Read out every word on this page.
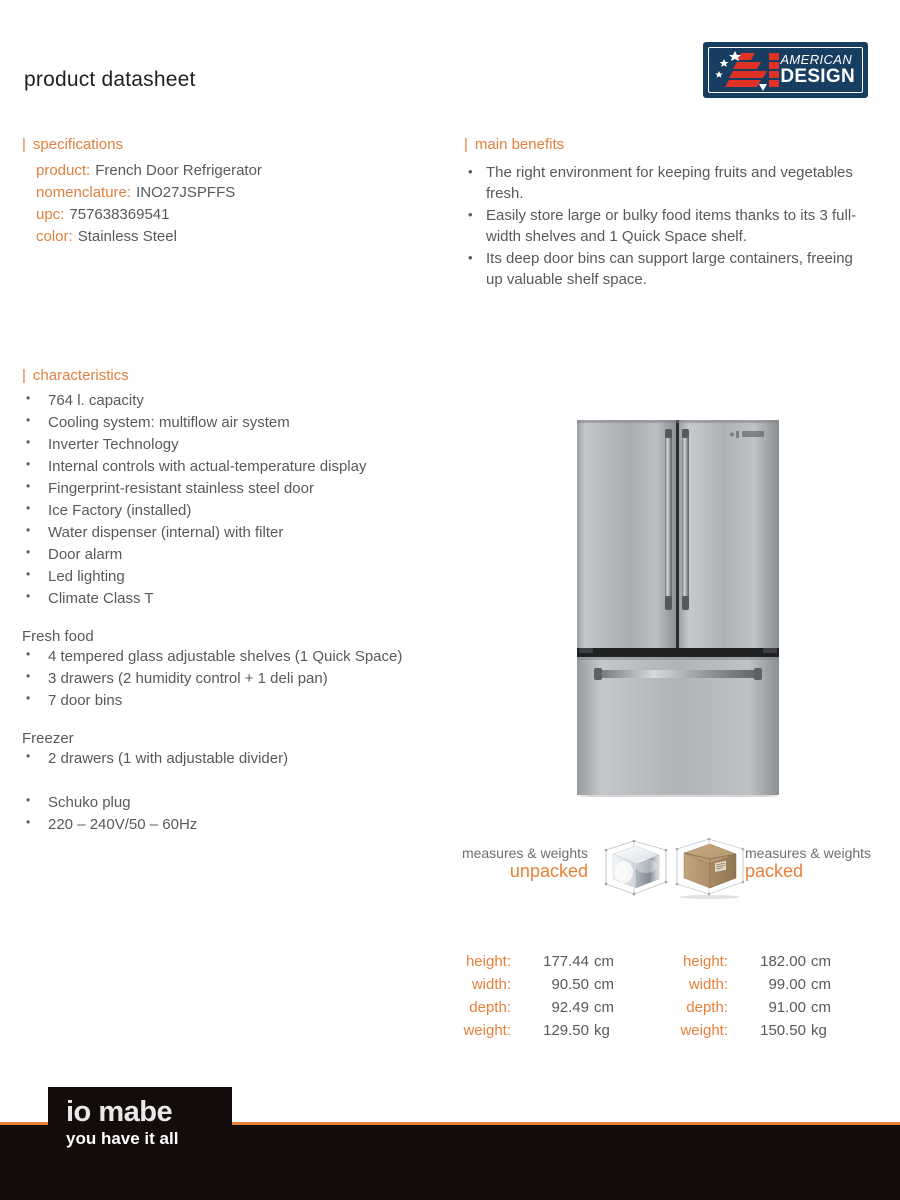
product datasheet
AMERICAN
DESIGN
| specifications
product: French Door Refrigerator
nomenclature: INO27JSPFFS
upc: 757638369541
color: Stainless Steel
| main benefits
• The right environment for keeping fruits and vegetables fresh.
• Easily store large or bulky food items thanks to its 3 full-width shelves and 1 Quick Space shelf.
• Its deep door bins can support large containers, freeing up valuable shelf space.
| characteristics
• 764 l. capacity
• Cooling system: multiflow air system
• Inverter Technology
• Internal controls with actual-temperature display
• Fingerprint-resistant stainless steel door
• Ice Factory (installed)
• Water dispenser (internal) with filter
• Door alarm
• Led lighting
• Climate Class T
Fresh food
• 4 tempered glass adjustable shelves (1 Quick Space)
• 3 drawers (2 humidity control + 1 deli pan)
• 7 door bins
Freezer
• 2 drawers (1 with adjustable divider)
• Schuko plug
• 220 – 240V/50 – 60Hz
measures & weights
unpacked
measures & weights
packed
height:	177.44 cm
width:	90.50 cm
depth:	92.49 cm
weight:	129.50 kg
height:	182.00 cm
width:	99.00 cm
depth:	91.00 cm
weight:	150.50 kg
io mabe
you have it all
